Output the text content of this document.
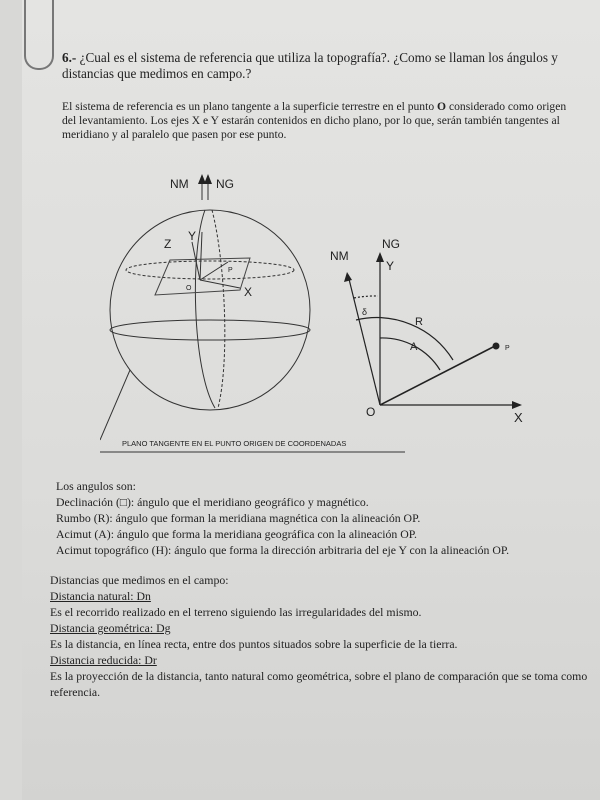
6.- ¿Cual es el sistema de referencia que utiliza la topografía?. ¿Como se llaman los ángulos y distancias que medimos en campo.?
El sistema de referencia es un plano tangente a la superficie terrestre en el punto O considerado como origen del levantamiento. Los ejes X e Y estarán contenidos en dicho plano, por lo que, serán también tangentes al meridiano y al paralelo que pasen por ese punto.
NM NG
Z
Y
X
O
P
PLANO TANGENTE EN EL PUNTO ORIGEN DE COORDENADAS
NM
NG
Y
X
O
P
δ
R
A
Los angulos son:
Declinación (□): ángulo que el meridiano geográfico y magnético.
Rumbo (R): ángulo que forman la meridiana magnética con la alineación OP.
Acimut (A): ángulo que forma la meridiana geográfica con la alineación OP.
Acimut topográfico (H): ángulo que forma la dirección arbitraria del eje Y con la alineación OP.
Distancias que medimos en el campo:
Distancia natural: Dn
Es el recorrido realizado en el terreno siguiendo las irregularidades del mismo.
Distancia geométrica: Dg
Es la distancia, en línea recta, entre dos puntos situados sobre la superficie de la tierra.
Distancia reducida: Dr
Es la proyección de la distancia, tanto natural como geométrica, sobre el plano de comparación que se toma como referencia.
